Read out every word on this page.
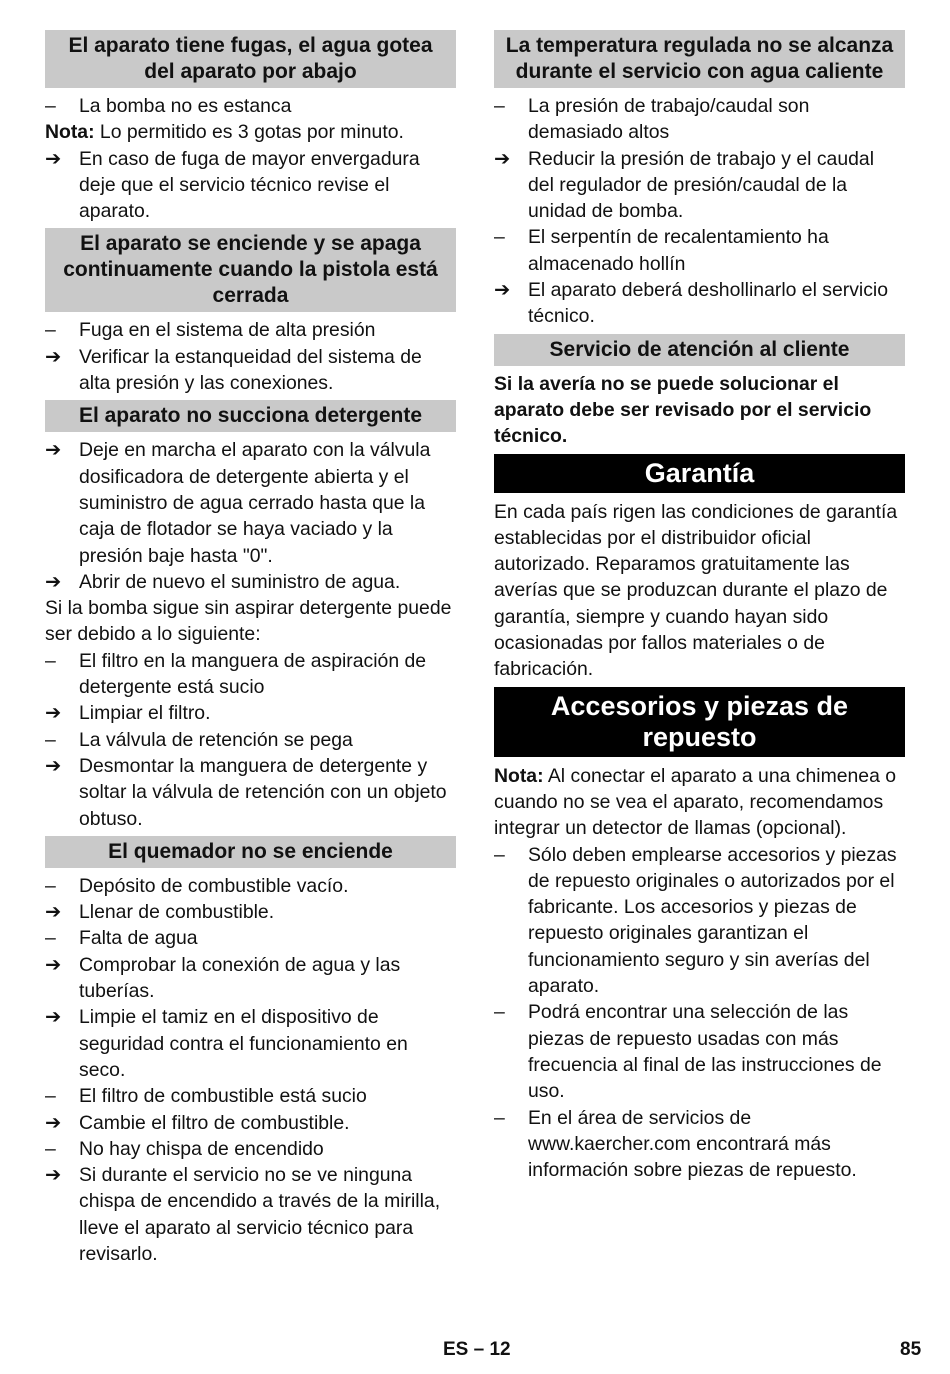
El aparato tiene fugas, el agua gotea del aparato por abajo
–	La bomba no es estanca
Nota: Lo permitido es 3 gotas por minuto.
➔ En caso de fuga de mayor envergadura deje que el servicio técnico revise el aparato.
El aparato se enciende y se apaga continuamente cuando la pistola está cerrada
–	Fuga en el sistema de alta presión
➔ Verificar la estanqueidad del sistema de alta presión y las conexiones.
El aparato no succiona detergente
➔ Deje en marcha el aparato con la válvula dosificadora de detergente abierta y el suministro de agua cerrado hasta que la caja de flotador se haya vaciado y la presión baje hasta "0".
➔ Abrir de nuevo el suministro de agua.
Si la bomba sigue sin aspirar detergente puede ser debido a lo siguiente:
–	El filtro en la manguera de aspiración de detergente está sucio
➔ Limpiar el filtro.
–	La válvula de retención se pega
➔ Desmontar la manguera de detergente y soltar la válvula de retención con un objeto obtuso.
El quemador no se enciende
–	Depósito de combustible vacío.
➔ Llenar de combustible.
–	Falta de agua
➔ Comprobar la conexión de agua y las tuberías.
➔ Limpie el tamiz en el dispositivo de seguridad contra el funcionamiento en seco.
–	El filtro de combustible está sucio
➔ Cambie el filtro de combustible.
–	No hay chispa de encendido
➔ Si durante el servicio no se ve ninguna chispa de encendido a través de la mirilla, lleve el aparato al servicio técnico para revisarlo.
La temperatura regulada no se alcanza durante el servicio con agua caliente
–	La presión de trabajo/caudal son demasiado altos
➔ Reducir la presión de trabajo y el caudal del regulador de presión/caudal de la unidad de bomba.
–	El serpentín de recalentamiento ha almacenado hollín
➔ El aparato deberá deshollinarlo el servicio técnico.
Servicio de atención al cliente
Si la avería no se puede solucionar el aparato debe ser revisado por el servicio técnico.
Garantía
En cada país rigen las condiciones de garantía establecidas por el distribuidor oficial autorizado. Reparamos gratuitamente las averías que se produzcan durante el plazo de garantía, siempre y cuando hayan sido ocasionadas por fallos materiales o de fabricación.
Accesorios y piezas de repuesto
Nota: Al conectar el aparato a una chimenea o cuando no se vea el aparato, recomendamos integrar un detector de llamas (opcional).
–	Sólo deben emplearse accesorios y piezas de repuesto originales o autorizados por el fabricante. Los accesorios y piezas de repuesto originales garantizan el funcionamiento seguro y sin averías del aparato.
–	Podrá encontrar una selección de las piezas de repuesto usadas con más frecuencia al final de las instrucciones de uso.
–	En el área de servicios de www.kaercher.com encontrará más información sobre piezas de repuesto.
ES – 12	85
